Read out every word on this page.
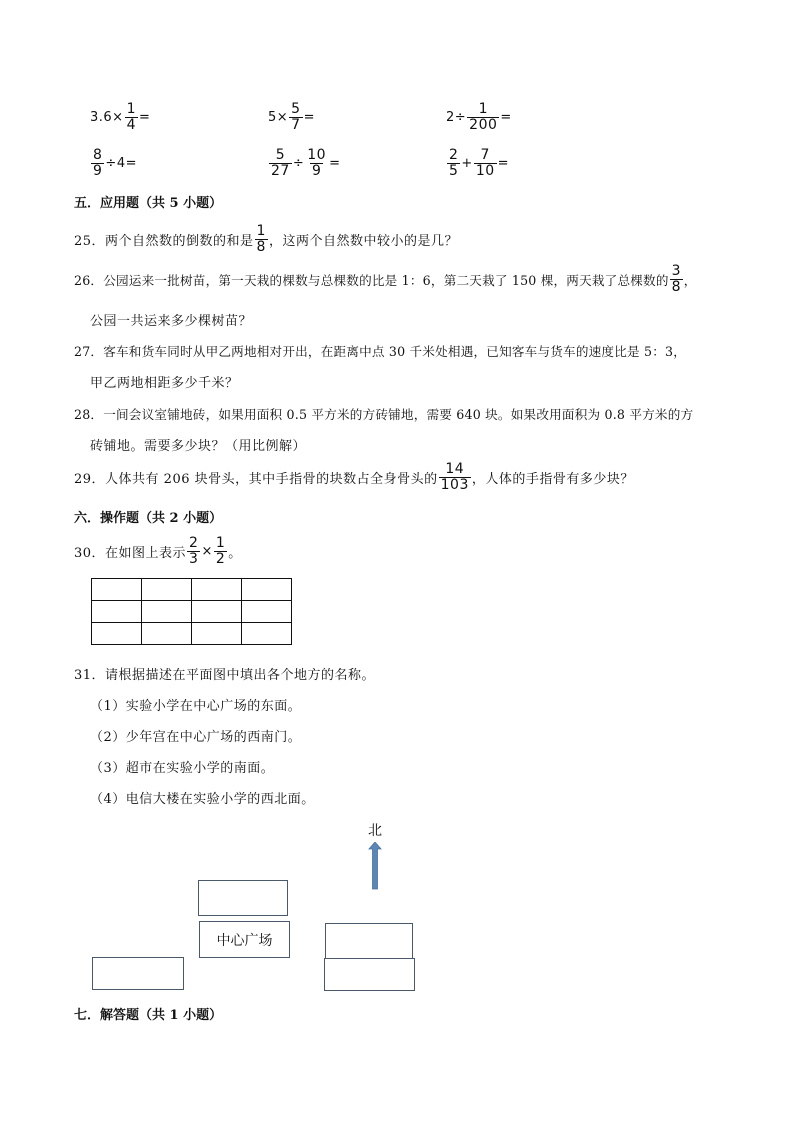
$3.6\times \frac{1}{4}$ =	$5\times \frac{5}{7}$ =	$2\div \frac{1}{200}$ =
$\frac{8}{9} \div 4=$	$\frac{5}{27} \div \frac{10}{9}$ =	$\frac{2}{5} + \frac{7}{10}$ =
五．应用题（共 5 小题）
25．两个自然数的倒数的和是 $\frac{1}{8}$ ，这两个自然数中较小的是几？
26．公园运来一批树苗，第一天栽的棵数与总棵数的比是 1：6，第二天栽了 150 棵，两天栽了总棵数的 $\frac{3}{8}$ ，
公园一共运来多少棵树苗？
27．客车和货车同时从甲乙两地相对开出，在距离中点 30 千米处相遇，已知客车与货车的速度比是 5：3，
甲乙两地相距多少千米？
28．一间会议室铺地砖，如果用面积 0.5 平方米的方砖铺地，需要 640 块。如果改用面积为 0.8 平方米的方
砖铺地。需要多少块？（用比例解）
29．人体共有 206 块骨头，其中手指骨的块数占全身骨头的 $\frac{14}{103}$ ，人体的手指骨有多少块？
六．操作题（共 2 小题）
30．在如图上表示 $\frac{2}{3} \times \frac{1}{2}$ 。

31．请根据描述在平面图中填出各个地方的名称。
（1）实验小学在中心广场的东面。
（2）少年宫在中心广场的西南门。
（3）超市在实验小学的南面。
（4）电信大楼在实验小学的西北面。
北
中心广场
七．解答题（共 1 小题）
